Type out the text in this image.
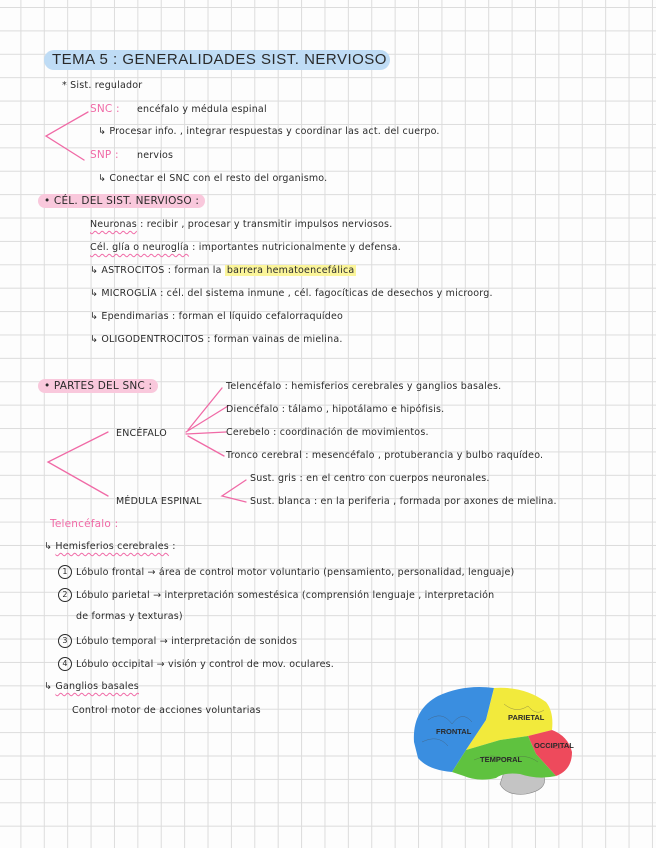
TEMA 5 : GENERALIDADES SIST. NERVIOSO
* Sist. regulador
SNC : encéfalo y médula espinal
↳ Procesar info. , integrar respuestas y coordinar las act. del cuerpo.
SNP : nervios
↳ Conectar el SNC con el resto del organismo.
• CÉL. DEL SIST. NERVIOSO :
Neuronas : recibir , procesar y transmitir impulsos nerviosos.
Cél. glía o neuroglía : importantes nutricionalmente y defensa.
↳ ASTROCITOS : forman la barrera hematoencefálica
↳ MICROGLÍA : cél. del sistema inmune , cél. fagocíticas de desechos y microorg.
↳ Ependimarias : forman el líquido cefalorraquídeo
↳ OLIGODENTROCITOS : forman vainas de mielina.
• PARTES DEL SNC :
ENCÉFALO
MÉDULA ESPINAL
Telencéfalo : hemisferios cerebrales y ganglios basales.
Diencéfalo : tálamo , hipotálamo e hipófisis.
Cerebelo : coordinación de movimientos.
Tronco cerebral : mesencéfalo , protuberancia y bulbo raquídeo.
Sust. gris : en el centro con cuerpos neuronales.
Sust. blanca : en la periferia , formada por axones de mielina.
Telencéfalo :
↳ Hemisferios cerebrales :
1 Lóbulo frontal → área de control motor voluntario (pensamiento, personalidad, lenguaje)
2 Lóbulo parietal → interpretación somestésica (comprensión lenguaje , interpretación
de formas y texturas)
3 Lóbulo temporal → interpretación de sonidos
4 Lóbulo occipital → visión y control de mov. oculares.
↳ Ganglios basales
Control motor de acciones voluntarias
FRONTAL
PARIETAL
OCCIPITAL
TEMPORAL
